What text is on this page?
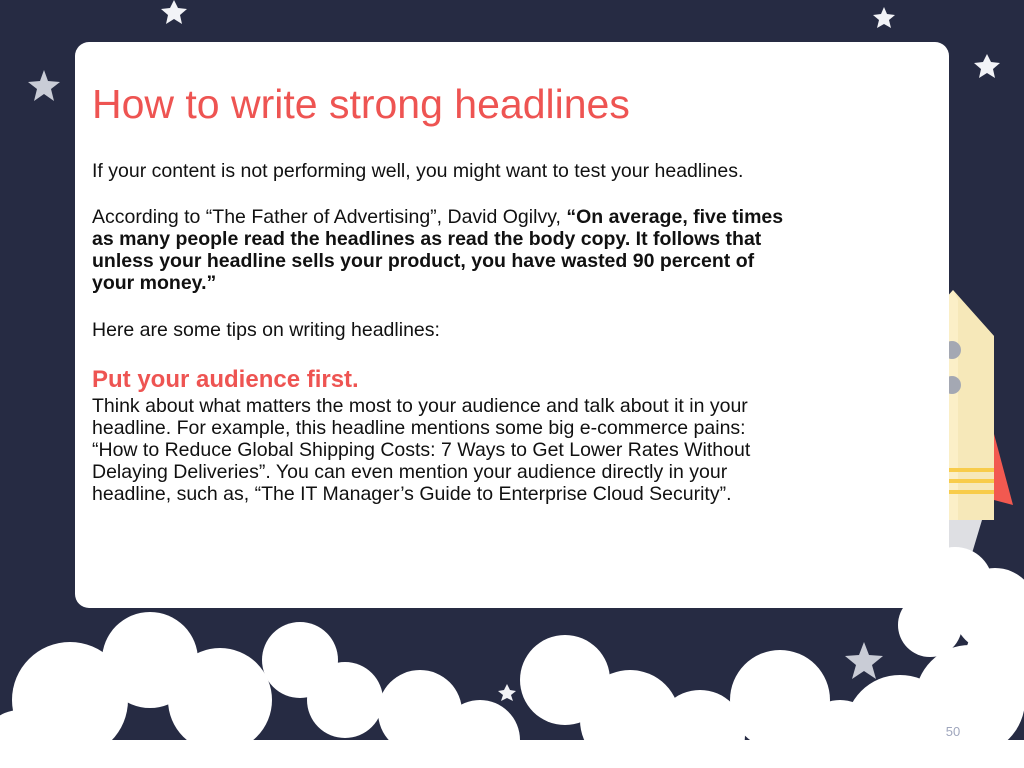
How to write strong headlines

If your content is not performing well, you might want to test your headlines.

According to “The Father of Advertising”, David Ogilvy, “On average, five times as many people read the headlines as read the body copy. It follows that unless your headline sells your product, you have wasted 90 percent of your money.”

Here are some tips on writing headlines:

Put your audience first.

Think about what matters the most to your audience and talk about it in your headline. For example, this headline mentions some big e-commerce pains: “How to Reduce Global Shipping Costs: 7 Ways to Get Lower Rates Without Delaying Deliveries”. You can even mention your audience directly in your headline, such as, “The IT Manager’s Guide to Enterprise Cloud Security”.

50
